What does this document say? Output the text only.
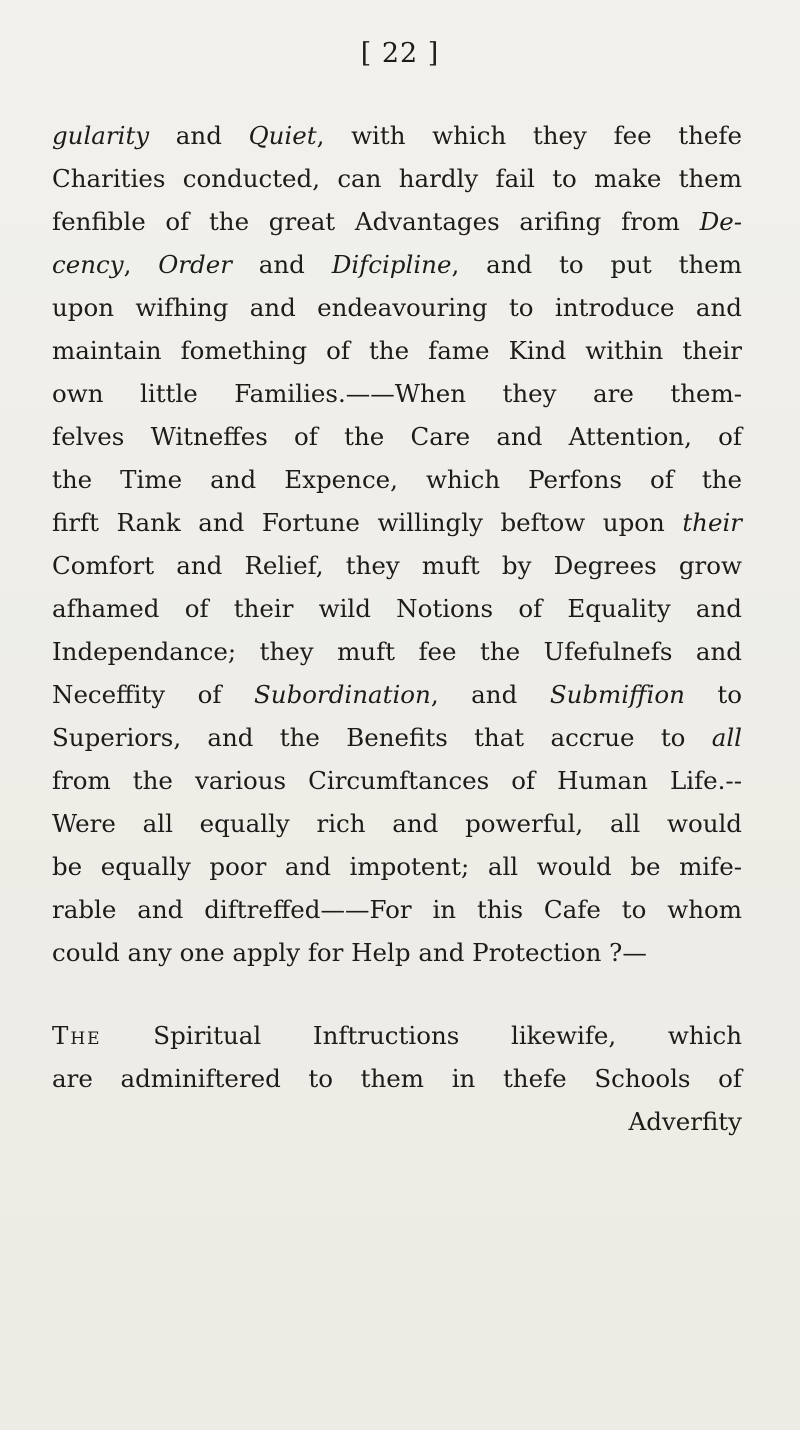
[ 22 ]
gularity and Quiet, with which they fee thefe
Charities conducted, can hardly fail to make them
fenfible of the great Advantages arifing from De-
cency, Order and Difcipline, and to put them
upon wifhing and endeavouring to introduce and
maintain fomething of the fame Kind within their
own little Families.——When they are them-
felves Witneffes of the Care and Attention, of
the Time and Expence, which Perfons of the
firft Rank and Fortune willingly beftow upon their
Comfort and Relief, they muft by Degrees grow
afhamed of their wild Notions of Equality and
Independance; they muft fee the Ufefulnefs and
Neceffity of Subordination, and Submiffion to
Superiors, and the Benefits that accrue to all
from the various Circumftances of Human Life.--
Were all equally rich and powerful, all would
be equally poor and impotent; all would be mife-
rable and diftreffed——For in this Cafe to whom
could any one apply for Help and Protection ?—
The Spiritual Inftructions likewife, which
are adminiftered to them in thefe Schools of
Adverfity
